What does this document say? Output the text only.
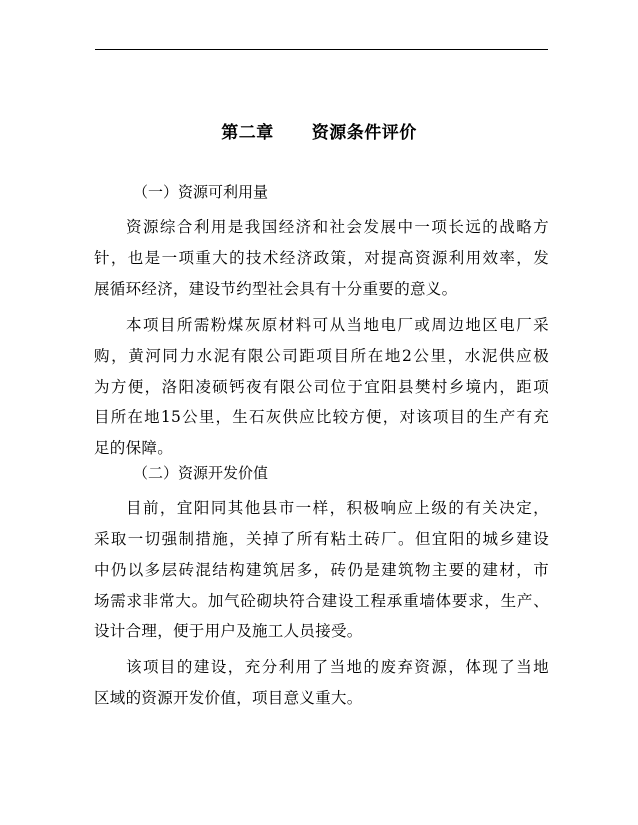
第二章 资源条件评价
（一）资源可利用量
资源综合利用是我国经济和社会发展中一项长远的战略方
针，也是一项重大的技术经济政策，对提高资源利用效率，发
展循环经济，建设节约型社会具有十分重要的意义。
本项目所需粉煤灰原材料可从当地电厂或周边地区电厂采
购，黄河同力水泥有限公司距项目所在地2公里，水泥供应极
为方便，洛阳凌硕钙夜有限公司位于宜阳县樊村乡境内，距项
目所在地15公里，生石灰供应比较方便，对该项目的生产有充
足的保障。
（二）资源开发价值
目前，宜阳同其他县市一样，积极响应上级的有关决定，
采取一切强制措施，关掉了所有粘土砖厂。但宜阳的城乡建设
中仍以多层砖混结构建筑居多，砖仍是建筑物主要的建材，市
场需求非常大。加气砼砌块符合建设工程承重墙体要求，生产、
设计合理，便于用户及施工人员接受。
该项目的建设，充分利用了当地的废弃资源，体现了当地
区域的资源开发价值，项目意义重大。
